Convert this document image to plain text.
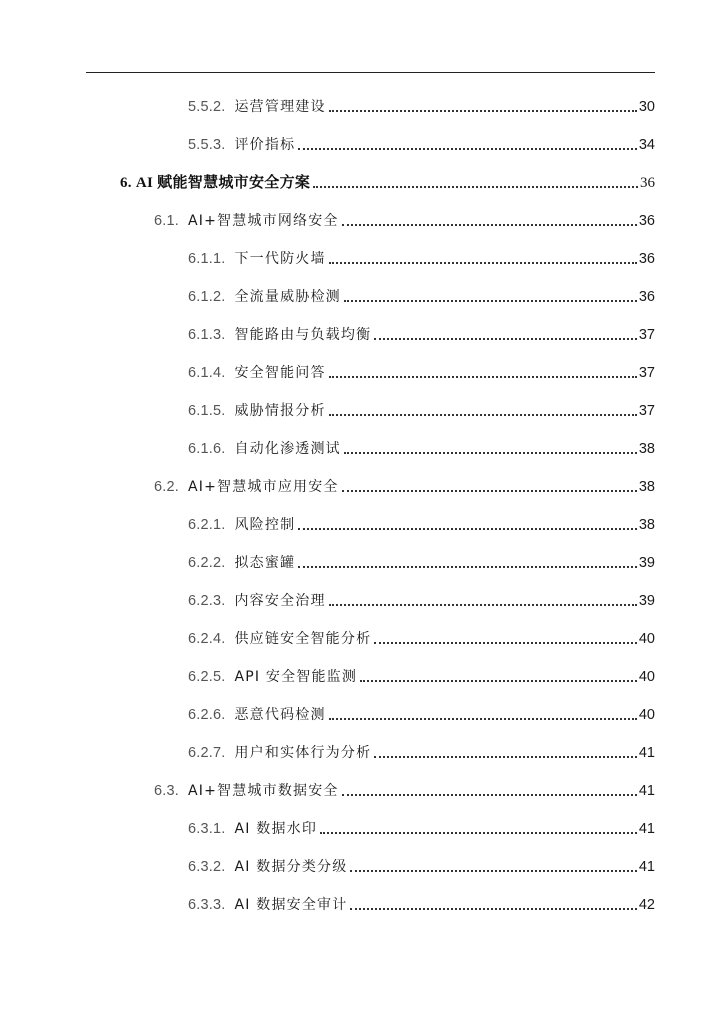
5.5.2. 运营管理建设	30
5.5.3. 评价指标	34
6. AI 赋能智慧城市安全方案	36
6.1. AI+智慧城市网络安全	36
6.1.1. 下一代防火墙	36
6.1.2. 全流量威胁检测	36
6.1.3. 智能路由与负载均衡	37
6.1.4. 安全智能问答	37
6.1.5. 威胁情报分析	37
6.1.6. 自动化渗透测试	38
6.2. AI+智慧城市应用安全	38
6.2.1. 风险控制	38
6.2.2. 拟态蜜罐	39
6.2.3. 内容安全治理	39
6.2.4. 供应链安全智能分析	40
6.2.5. API 安全智能监测	40
6.2.6. 恶意代码检测	40
6.2.7. 用户和实体行为分析	41
6.3. AI+智慧城市数据安全	41
6.3.1. AI 数据水印	41
6.3.2. AI 数据分类分级	41
6.3.3. AI 数据安全审计	42
